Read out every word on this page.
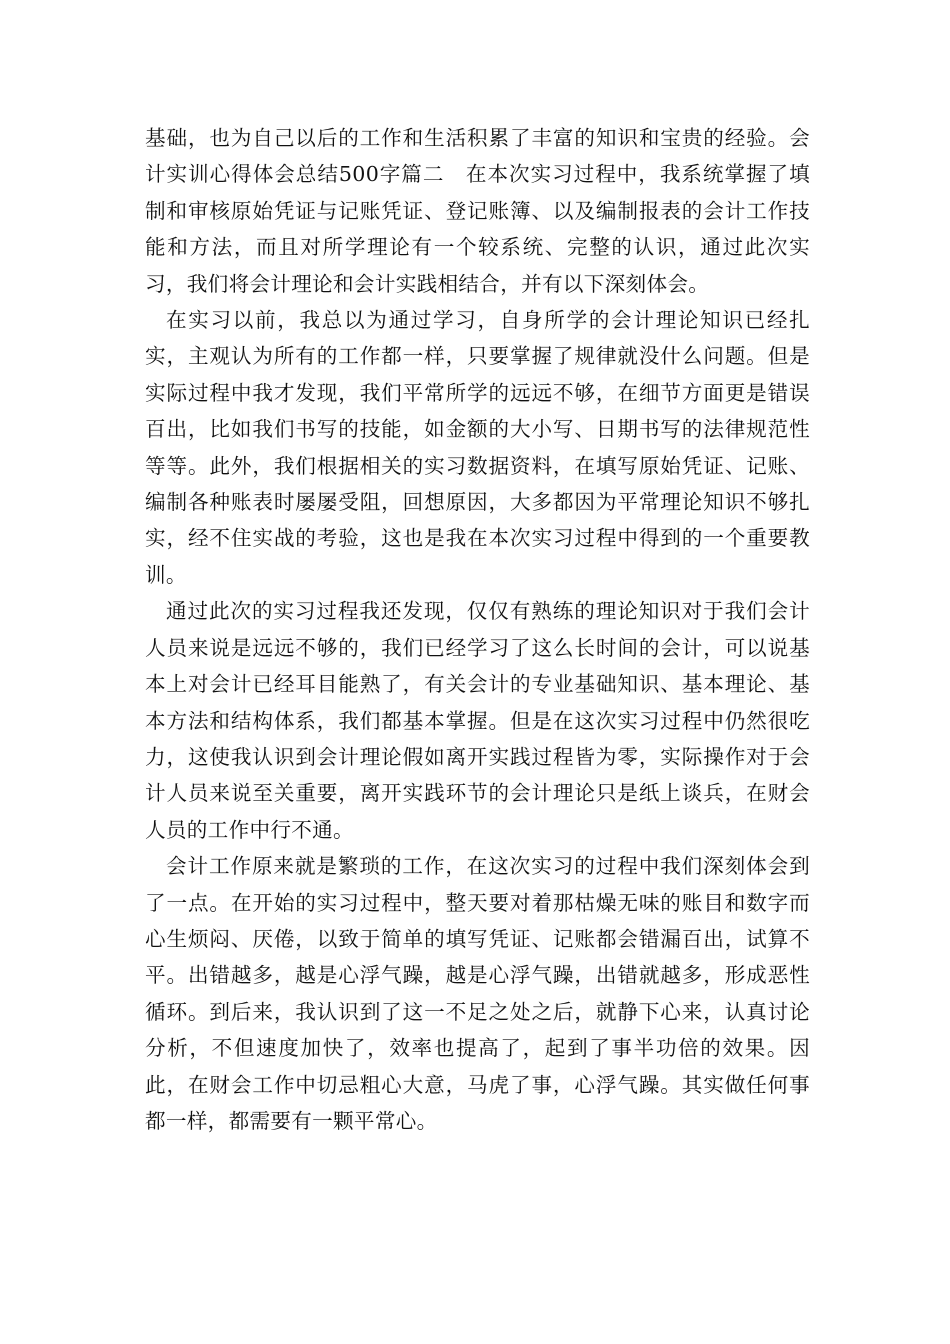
基础，也为自己以后的工作和生活积累了丰富的知识和宝贵的经验。会计实训心得体会总结500字篇二　在本次实习过程中，我系统掌握了填制和审核原始凭证与记账凭证、登记账簿、以及编制报表的会计工作技能和方法，而且对所学理论有一个较系统、完整的认识，通过此次实习，我们将会计理论和会计实践相结合，并有以下深刻体会。

在实习以前，我总以为通过学习，自身所学的会计理论知识已经扎实，主观认为所有的工作都一样，只要掌握了规律就没什么问题。但是实际过程中我才发现，我们平常所学的远远不够，在细节方面更是错误百出，比如我们书写的技能，如金额的大小写、日期书写的法律规范性等等。此外，我们根据相关的实习数据资料，在填写原始凭证、记账、编制各种账表时屡屡受阻，回想原因，大多都因为平常理论知识不够扎实，经不住实战的考验，这也是我在本次实习过程中得到的一个重要教训。

通过此次的实习过程我还发现，仅仅有熟练的理论知识对于我们会计人员来说是远远不够的，我们已经学习了这么长时间的会计，可以说基本上对会计已经耳目能熟了，有关会计的专业基础知识、基本理论、基本方法和结构体系，我们都基本掌握。但是在这次实习过程中仍然很吃力，这使我认识到会计理论假如离开实践过程皆为零，实际操作对于会计人员来说至关重要，离开实践环节的会计理论只是纸上谈兵，在财会人员的工作中行不通。

会计工作原来就是繁琐的工作，在这次实习的过程中我们深刻体会到了一点。在开始的实习过程中，整天要对着那枯燥无味的账目和数字而心生烦闷、厌倦，以致于简单的填写凭证、记账都会错漏百出，试算不平。出错越多，越是心浮气躁，越是心浮气躁，出错就越多，形成恶性循环。到后来，我认识到了这一不足之处之后，就静下心来，认真讨论分析，不但速度加快了，效率也提高了，起到了事半功倍的效果。因此，在财会工作中切忌粗心大意，马虎了事，心浮气躁。其实做任何事都一样，都需要有一颗平常心。
